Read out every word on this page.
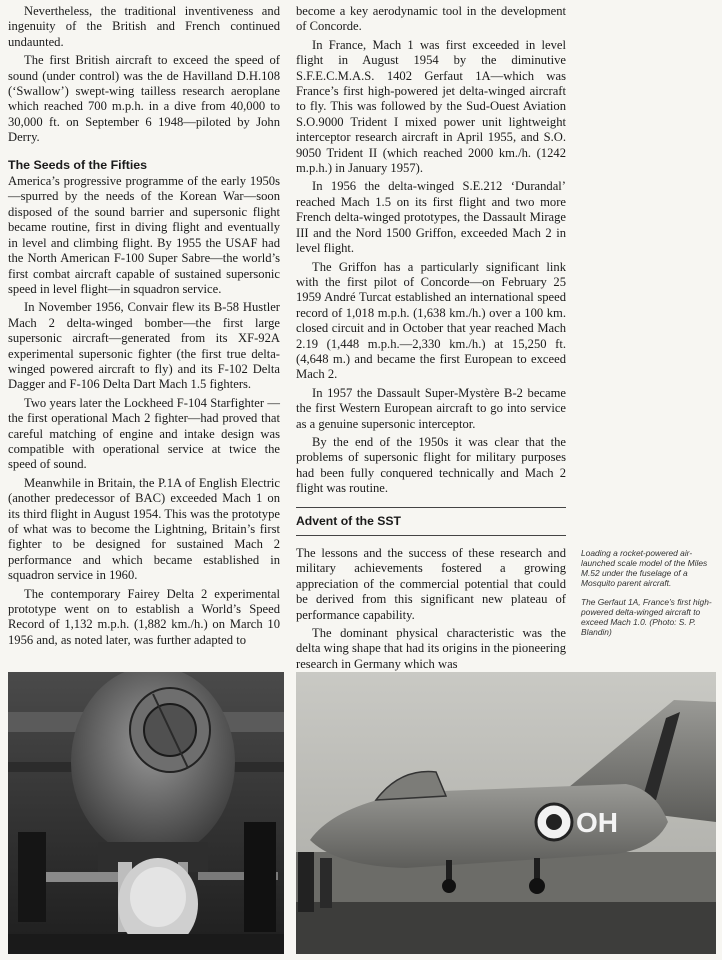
Nevertheless, the traditional inventiveness and ingenuity of the British and French continued undaunted.

The first British aircraft to exceed the speed of sound (under control) was the de Havilland D.H.108 (‘Swallow’) swept-wing tailless research aeroplane which reached 700 m.p.h. in a dive from 40,000 to 30,000 ft. on September 6 1948—piloted by John Derry.

The Seeds of the Fifties

America’s progressive programme of the early 1950s—spurred by the needs of the Korean War—soon disposed of the sound barrier and supersonic flight became routine, first in diving flight and eventually in level and climbing flight. By 1955 the USAF had the North American F-100 Super Sabre—the world’s first combat aircraft capable of sustained supersonic speed in level flight—in squadron service.

In November 1956, Convair flew its B-58 Hustler Mach 2 delta-winged bomber—the first large supersonic aircraft—generated from its XF-92A experimental supersonic fighter (the first true delta-winged powered aircraft to fly) and its F-102 Delta Dagger and F-106 Delta Dart Mach 1.5 fighters.

Two years later the Lockheed F-104 Starfighter —the first operational Mach 2 fighter—had proved that careful matching of engine and intake design was compatible with operational service at twice the speed of sound.

Meanwhile in Britain, the P.1A of English Electric (another predecessor of BAC) exceeded Mach 1 on its third flight in August 1954. This was the prototype of what was to become the Lightning, Britain’s first fighter to be designed for sustained Mach 2 performance and which became established in squadron service in 1960.

The contemporary Fairey Delta 2 experimental prototype went on to establish a World’s Speed Record of 1,132 m.p.h. (1,882 km./h.) on March 10 1956 and, as noted later, was further adapted to

become a key aerodynamic tool in the development of Concorde.

In France, Mach 1 was first exceeded in level flight in August 1954 by the diminutive S.F.E.C.M.A.S. 1402 Gerfaut 1A—which was France’s first high-powered jet delta-winged aircraft to fly. This was followed by the Sud-Ouest Aviation S.O.9000 Trident I mixed power unit lightweight interceptor research aircraft in April 1955, and S.O. 9050 Trident II (which reached 2000 km./h. (1242 m.p.h.) in January 1957).

In 1956 the delta-winged S.E.212 ‘Durandal’ reached Mach 1.5 on its first flight and two more French delta-winged prototypes, the Dassault Mirage III and the Nord 1500 Griffon, exceeded Mach 2 in level flight.

The Griffon has a particularly significant link with the first pilot of Concorde—on February 25 1959 André Turcat established an international speed record of 1,018 m.p.h. (1,638 km./h.) over a 100 km. closed circuit and in October that year reached Mach 2.19 (1,448 m.p.h.—2,330 km./h.) at 15,250 ft. (4,648 m.) and became the first European to exceed Mach 2.

In 1957 the Dassault Super-Mystère B-2 became the first Western European aircraft to go into service as a genuine supersonic interceptor.

By the end of the 1950s it was clear that the problems of supersonic flight for military purposes had been fully conquered technically and Mach 2 flight was routine.

Advent of the SST

The lessons and the success of these research and military achievements fostered a growing appreciation of the commercial potential that could be derived from this significant new plateau of performance capability.

The dominant physical characteristic was the delta wing shape that had its origins in the pioneering research in Germany which was

Loading a rocket-powered air-launched scale model of the Miles M.52 under the fuselage of a Mosquito parent aircraft.

The Gerfaut 1A, France’s first high-powered delta-winged aircraft to exceed Mach 1.0. (Photo: S. P. Blandin)

OH
